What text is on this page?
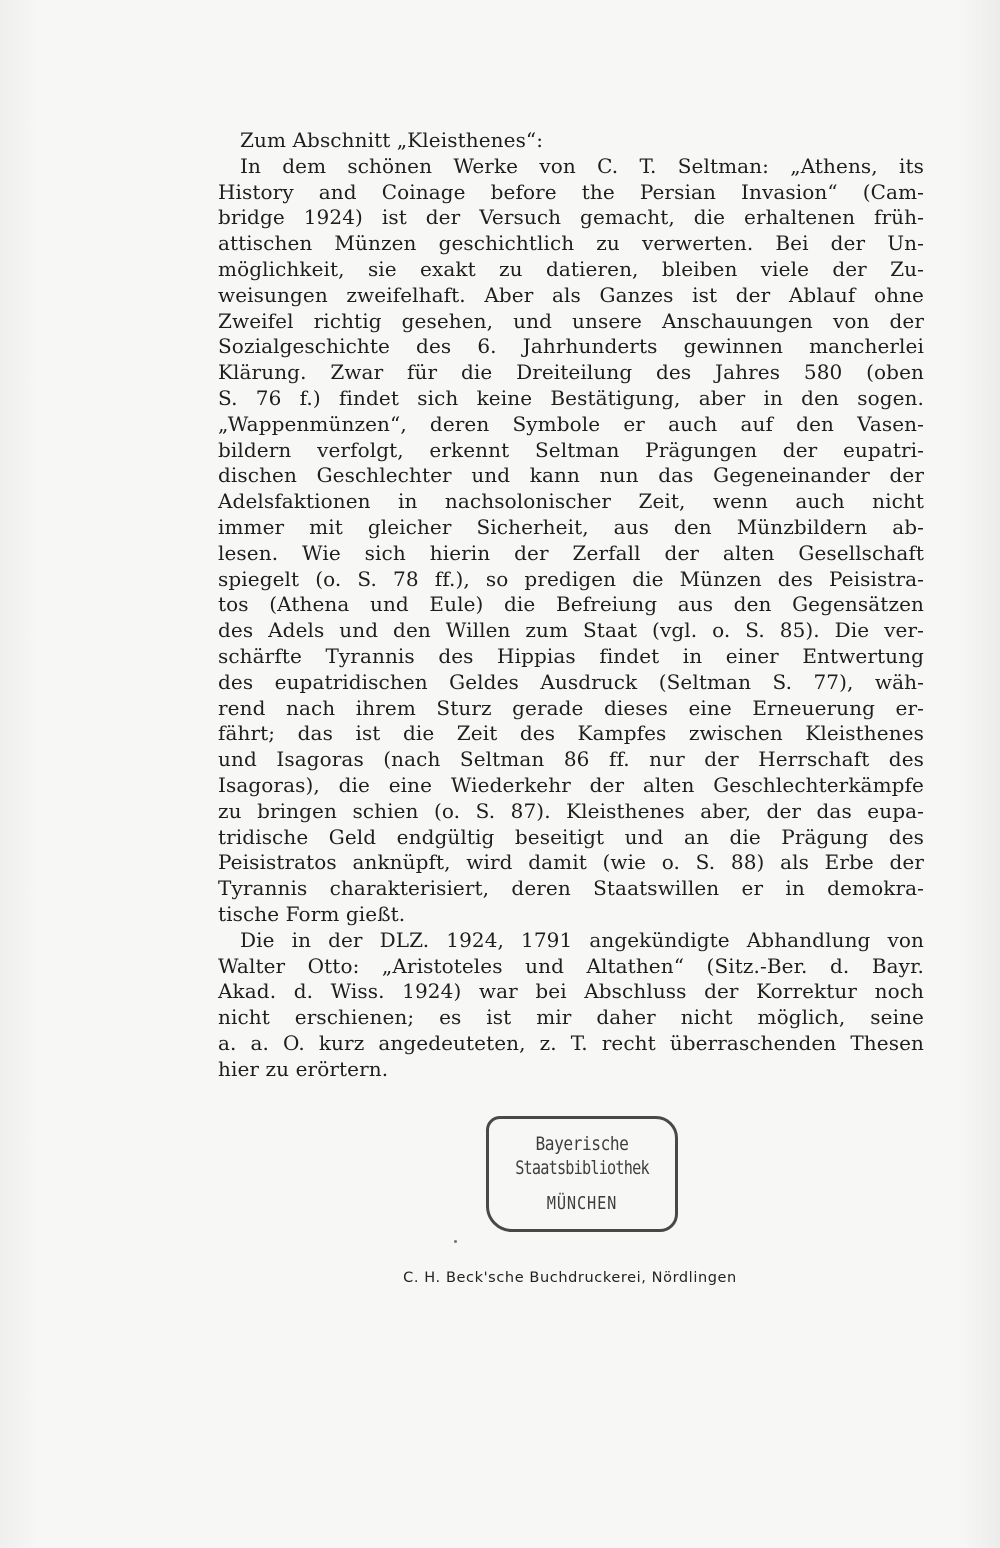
Zum Abschnitt „Kleisthenes“:
In dem schönen Werke von C. T. Seltman: „Athens, its
History and Coinage before the Persian Invasion“ (Cam-
bridge 1924) ist der Versuch gemacht, die erhaltenen früh-
attischen Münzen geschichtlich zu verwerten. Bei der Un-
möglichkeit, sie exakt zu datieren, bleiben viele der Zu-
weisungen zweifelhaft. Aber als Ganzes ist der Ablauf ohne
Zweifel richtig gesehen, und unsere Anschauungen von der
Sozialgeschichte des 6. Jahrhunderts gewinnen mancherlei
Klärung. Zwar für die Dreiteilung des Jahres 580 (oben
S. 76 f.) findet sich keine Bestätigung, aber in den sogen.
„Wappenmünzen“, deren Symbole er auch auf den Vasen-
bildern verfolgt, erkennt Seltman Prägungen der eupatri-
dischen Geschlechter und kann nun das Gegeneinander der
Adelsfaktionen in nachsolonischer Zeit, wenn auch nicht
immer mit gleicher Sicherheit, aus den Münzbildern ab-
lesen. Wie sich hierin der Zerfall der alten Gesellschaft
spiegelt (o. S. 78 ff.), so predigen die Münzen des Peisistra-
tos (Athena und Eule) die Befreiung aus den Gegensätzen
des Adels und den Willen zum Staat (vgl. o. S. 85). Die ver-
schärfte Tyrannis des Hippias findet in einer Entwertung
des eupatridischen Geldes Ausdruck (Seltman S. 77), wäh-
rend nach ihrem Sturz gerade dieses eine Erneuerung er-
fährt; das ist die Zeit des Kampfes zwischen Kleisthenes
und Isagoras (nach Seltman 86 ff. nur der Herrschaft des
Isagoras), die eine Wiederkehr der alten Geschlechterkämpfe
zu bringen schien (o. S. 87). Kleisthenes aber, der das eupa-
tridische Geld endgültig beseitigt und an die Prägung des
Peisistratos anknüpft, wird damit (wie o. S. 88) als Erbe der
Tyrannis charakterisiert, deren Staatswillen er in demokra-
tische Form gießt.
Die in der DLZ. 1924, 1791 angekündigte Abhandlung von
Walter Otto: „Aristoteles und Altathen“ (Sitz.-Ber. d. Bayr.
Akad. d. Wiss. 1924) war bei Abschluss der Korrektur noch
nicht erschienen; es ist mir daher nicht möglich, seine
a. a. O. kurz angedeuteten, z. T. recht überraschenden Thesen
hier zu erörtern.
Bayerische
Staatsbibliothek
MÜNCHEN
C. H. Beck'sche Buchdruckerei, Nördlingen
